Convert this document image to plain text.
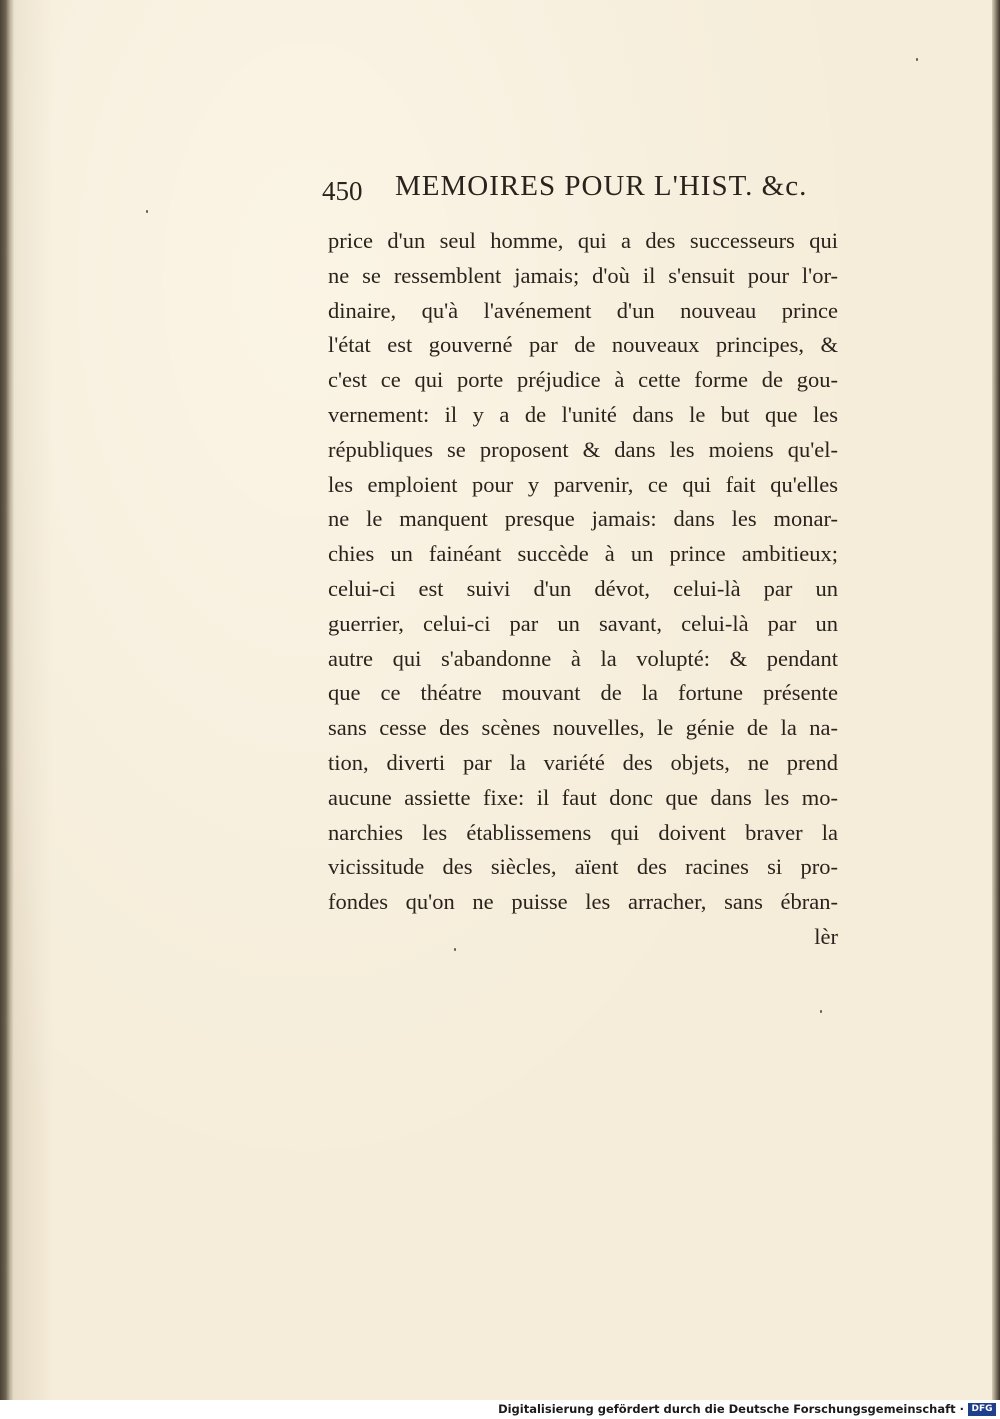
450 MEMOIRES POUR L'HIST. &c.
price d'un seul homme, qui a des successeurs qui
ne se ressemblent jamais; d'où il s'ensuit pour l'or-
dinaire, qu'à l'avénement d'un nouveau prince
l'état est gouverné par de nouveaux principes, &
c'est ce qui porte préjudice à cette forme de gou-
vernement: il y a de l'unité dans le but que les
républiques se proposent & dans les moiens qu'el-
les emploient pour y parvenir, ce qui fait qu'elles
ne le manquent presque jamais: dans les monar-
chies un fainéant succède à un prince ambitieux;
celui-ci est suivi d'un dévot, celui-là par un
guerrier, celui-ci par un savant, celui-là par un
autre qui s'abandonne à la volupté: & pendant
que ce théatre mouvant de la fortune présente
sans cesse des scènes nouvelles, le génie de la na-
tion, diverti par la variété des objets, ne prend
aucune assiette fixe: il faut donc que dans les mo-
narchies les établissemens qui doivent braver la
vicissitude des siècles, aïent des racines si pro-
fondes qu'on ne puisse les arracher, sans ébran-
lèr
Digitalisierung gefördert durch die Deutsche Forschungsgemeinschaft · DFG
